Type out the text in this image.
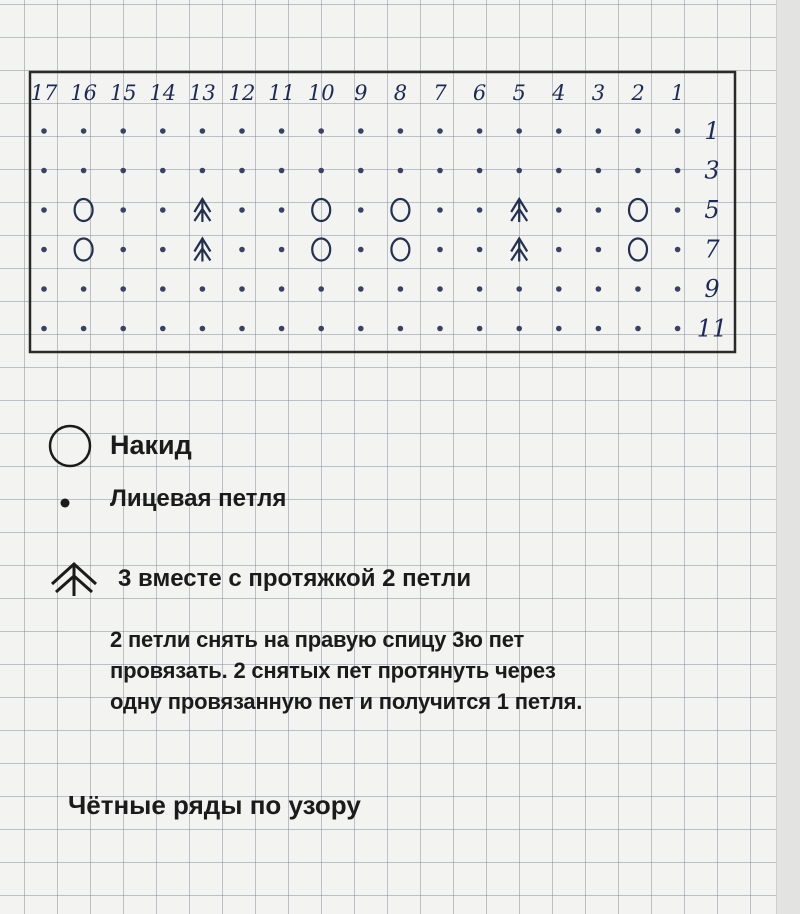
17 16 15 14 13 12 11 10 9 8 7 6 5 4 3 2 1
1
3
5
7
9
11
Накид
Лицевая петля
3 вместе с протяжкой 2 петли
2 петли снять на правую спицу 3ю пет
провязать. 2 снятых пет протянуть через
одну провязанную пет и получится 1 петля.
Чётные ряды по узору
